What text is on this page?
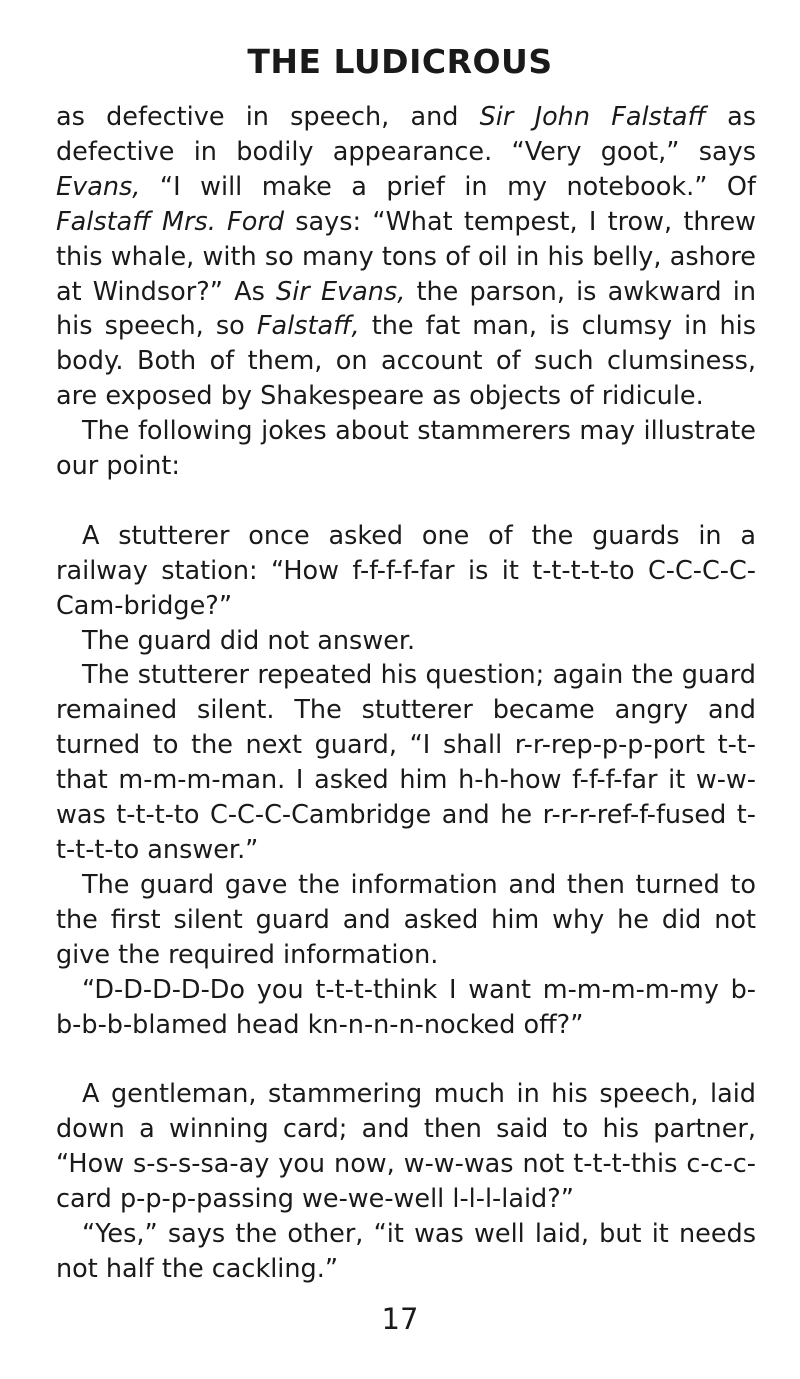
THE LUDICROUS

as defective in speech, and Sir John Falstaff as defective in bodily appearance. “Very goot,” says Evans, “I will make a prief in my notebook.” Of Falstaff Mrs. Ford says: “What tempest, I trow, threw this whale, with so many tons of oil in his belly, ashore at Windsor?” As Sir Evans, the parson, is awkward in his speech, so Falstaff, the fat man, is clumsy in his body. Both of them, on account of such clumsiness, are exposed by Shakespeare as objects of ridicule.

The following jokes about stammerers may illustrate our point:

A stutterer once asked one of the guards in a railway station: “How f-f-f-f-far is it t-t-t-t-to C-C-C-C-Cam-bridge?”

The guard did not answer.

The stutterer repeated his question; again the guard remained silent. The stutterer became angry and turned to the next guard, “I shall r-r-rep-p-p-port t-t-that m-m-m-man. I asked him h-h-how f-f-f-far it w-w-was t-t-t-to C-C-C-Cambridge and he r-r-r-ref-f-fused t-t-t-t-to answer.”

The guard gave the information and then turned to the first silent guard and asked him why he did not give the required information.

“D-D-D-D-Do you t-t-t-think I want m-m-m-m-my b-b-b-b-blamed head kn-n-n-n-nocked off?”

A gentleman, stammering much in his speech, laid down a winning card; and then said to his partner, “How s-s-s-sa-ay you now, w-w-was not t-t-t-this c-c-c-card p-p-p-passing we-we-well l-l-l-laid?”

“Yes,” says the other, “it was well laid, but it needs not half the cackling.”

17
